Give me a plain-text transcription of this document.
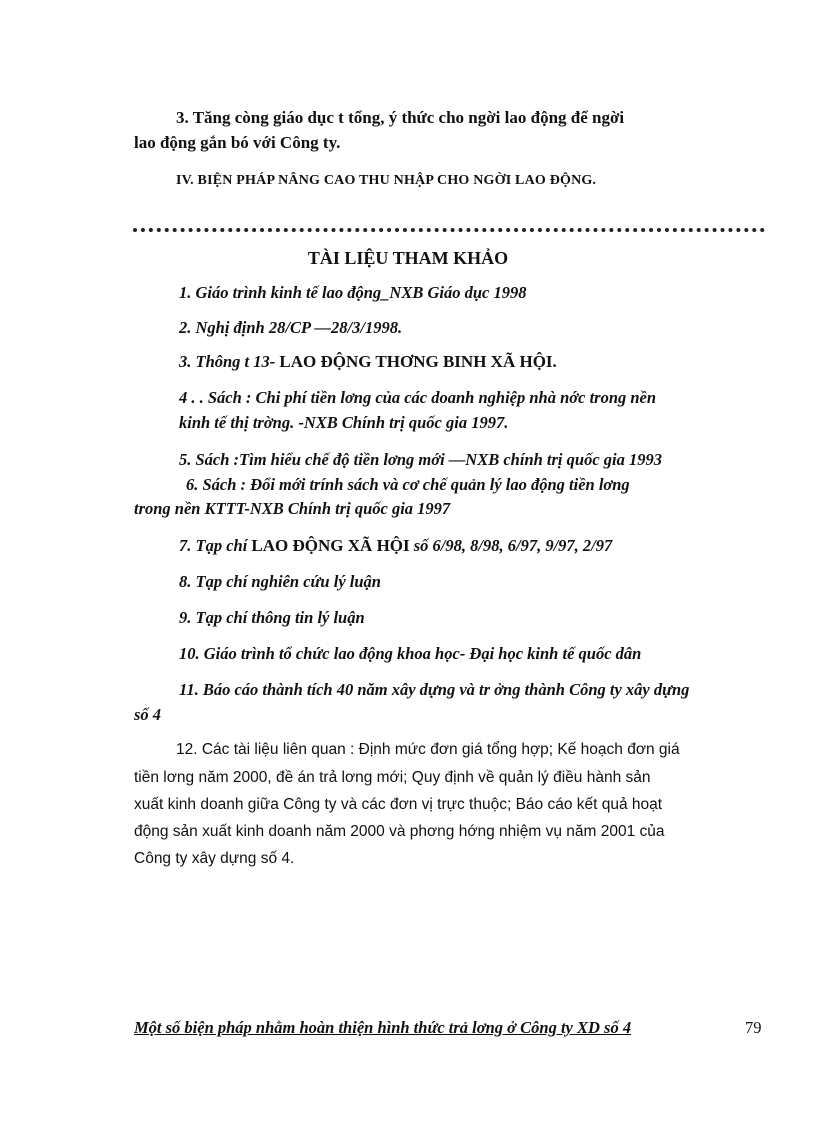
3. Tăng còng giáo dục t tổng, ý thức cho ngời lao động để ngời
lao động gắn bó với Công ty.
IV. BIỆN PHÁP NÂNG CAO THU NHẬP CHO NGỜI LAO ĐỘNG.
TÀI LIỆU THAM KHẢO
1. Giáo trình kinh tế lao động_NXB Giáo dục 1998
2. Nghị định 28/CP —28/3/1998.
3. Thông t 13- LAO ĐỘNG THƠNG BINH XÃ HỘI.
4 . . Sách : Chi phí tiền lơng của các doanh nghiệp nhà nớc trong nền
kinh tế thị trờng. -NXB Chính trị quốc gia 1997.
5. Sách :Tìm hiểu chế độ tiền lơng mới —NXB chính trị quốc gia 1993
6. Sách : Đổi mới trính sách và cơ chế quản lý lao động tiền lơng
trong nền KTTT-NXB Chính trị quốc gia 1997
7. Tạp chí LAO ĐỘNG XÃ HỘI số 6/98, 8/98, 6/97, 9/97, 2/97
8. Tạp chí nghiên cứu lý luận
9. Tạp chí thông tin lý luận
10. Giáo trình tổ chức lao động khoa học- Đại học kinh tế quốc dân
11. Báo cáo thành tích 40 năm xây dựng và tr ởng thành Công ty xây dựng
số 4
12. Các tài liệu liên quan : Định mức đơn giá tổng hợp; Kế hoạch đơn giá
tiền lơng năm 2000, đề án trả lơng mới; Quy định về quản lý điều hành sản
xuất kinh doanh giữa Công ty và các đơn vị trực thuộc; Báo cáo kết quả hoạt
động sản xuất kinh doanh năm 2000 và phơng hớng nhiệm vụ năm 2001 của
Công ty xây dựng số 4.
Một số biện pháp nhằm hoàn thiện hình thức trả lơng ở Công ty XD số 4	79
